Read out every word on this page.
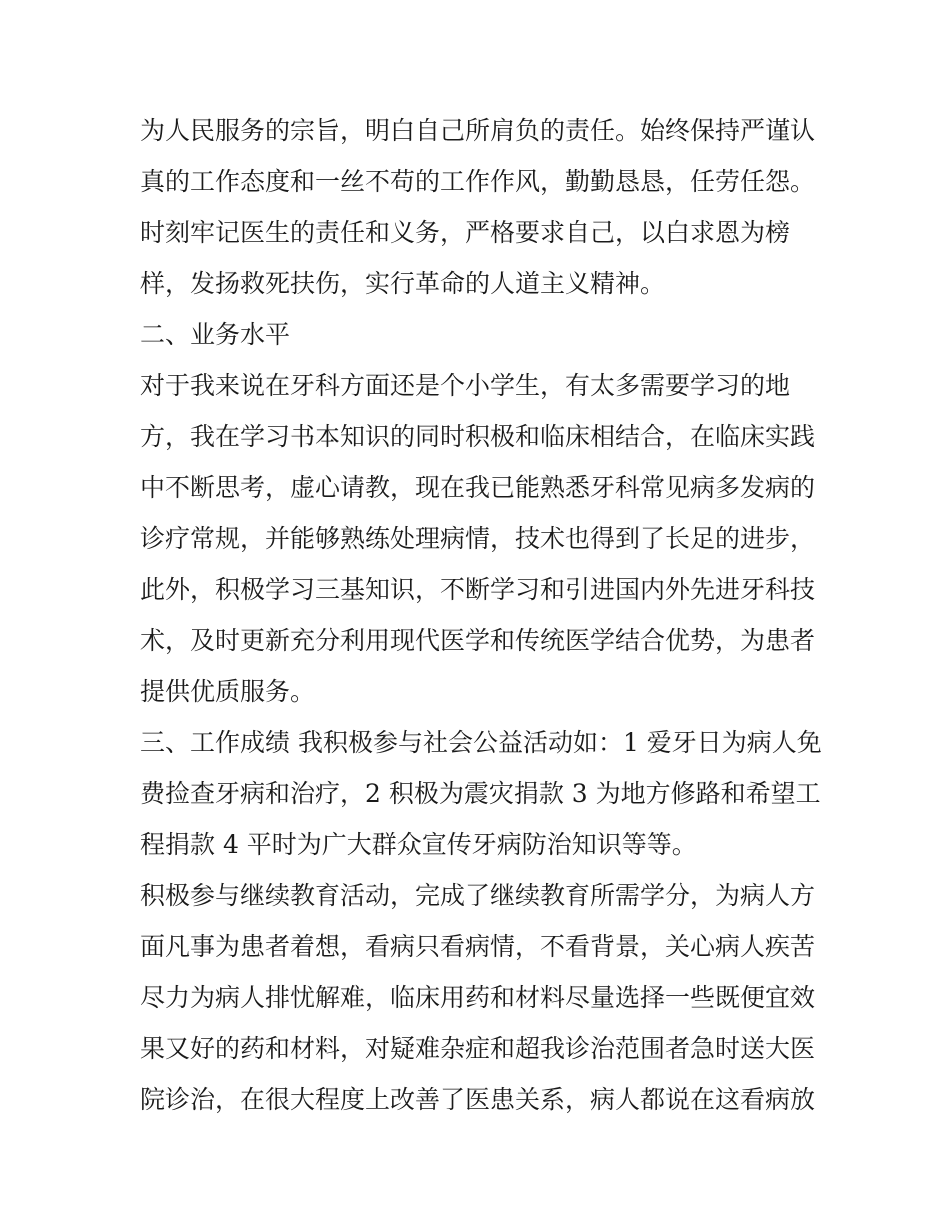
为人民服务的宗旨，明白自己所肩负的责任。始终保持严谨认
真的工作态度和一丝不苟的工作作风，勤勤恳恳，任劳任怨。
时刻牢记医生的责任和义务，严格要求自己，以白求恩为榜
样，发扬救死扶伤，实行革命的人道主义精神。
二、业务水平
对于我来说在牙科方面还是个小学生，有太多需要学习的地
方，我在学习书本知识的同时积极和临床相结合，在临床实践
中不断思考，虚心请教，现在我已能熟悉牙科常见病多发病的
诊疗常规，并能够熟练处理病情，技术也得到了长足的进步，
此外，积极学习三基知识，不断学习和引进国内外先进牙科技
术，及时更新充分利用现代医学和传统医学结合优势，为患者
提供优质服务。
三、工作成绩 我积极参与社会公益活动如：1 爱牙日为病人免
费捡查牙病和治疗，2 积极为震灾捐款 3 为地方修路和希望工
程捐款 4 平时为广大群众宣传牙病防治知识等等。
积极参与继续教育活动，完成了继续教育所需学分，为病人方
面凡事为患者着想，看病只看病情，不看背景，关心病人疾苦
尽力为病人排忧解难，临床用药和材料尽量选择一些既便宜效
果又好的药和材料，对疑难杂症和超我诊治范围者急时送大医
院诊治，在很大程度上改善了医患关系，病人都说在这看病放
